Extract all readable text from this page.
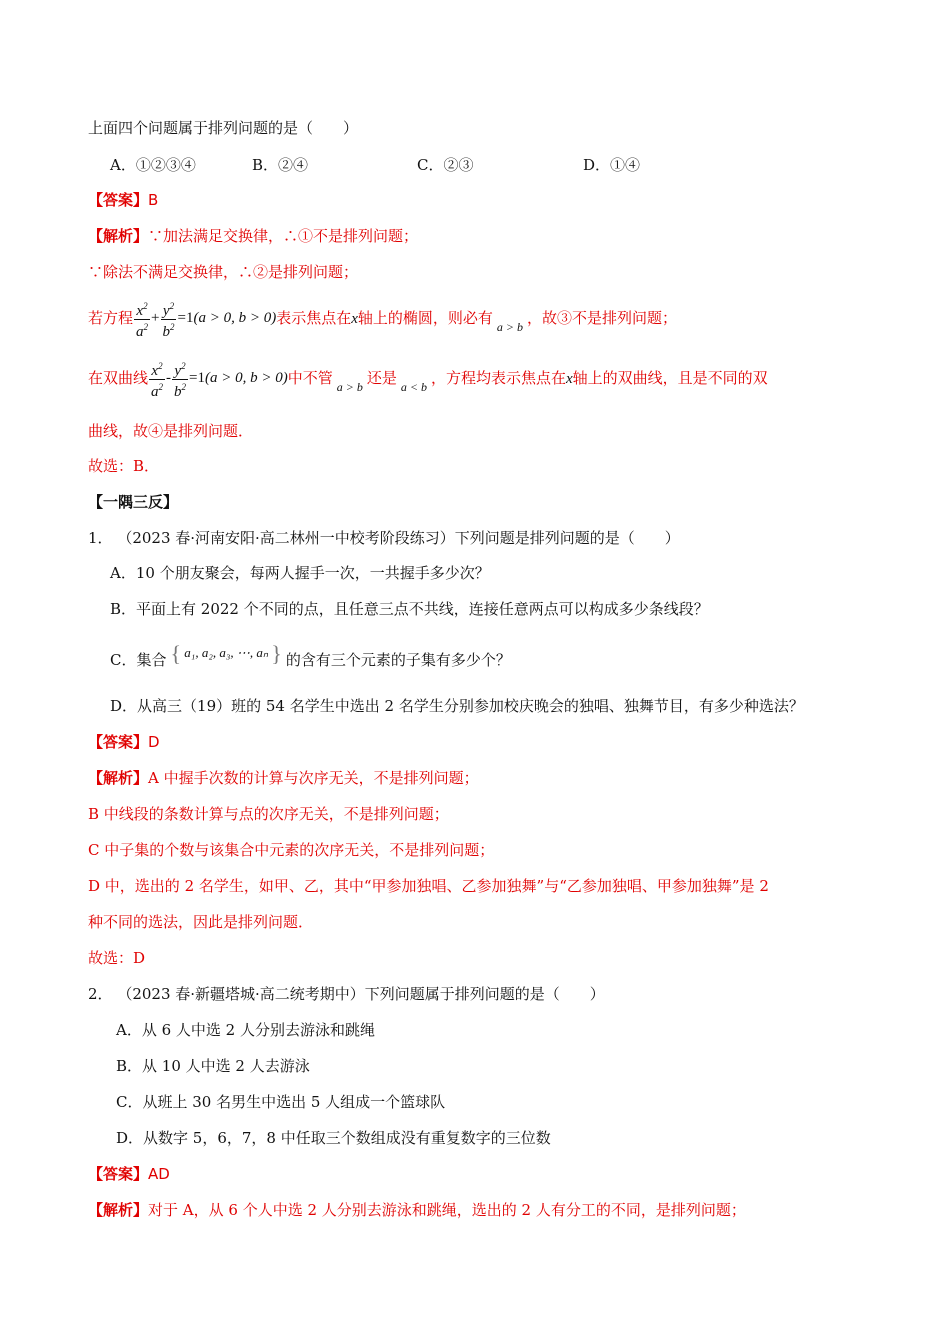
上面四个问题属于排列问题的是（　　）
A．①②③④	B．②④	C．②③	D．①④
【答案】B
【解析】∵加法满足交换律，∴①不是排列问题；
∵除法不满足交换律，∴②是排列问题；
若方程 $\frac{x^2}{a^2} + \frac{y^2}{b^2} =1(a > 0$, b > 0)表示焦点在x轴上的椭圆，则必有 $_{a > b}$ ，故③不是排列问题；
在双曲线 $\frac{x^2}{a^2} - \frac{y^2}{b^2} =1(a > 0$, b > 0)中不管 $_{a > b}$ 还是 $_{a < b}$ ，方程均表示焦点在x轴上的双曲线，且是不同的双
曲线，故④是排列问题．
故选：B．
【一隅三反】
1． （2023 春·河南安阳·高二林州一中校考阶段练习）下列问题是排列问题的是（　　）
A．10 个朋友聚会，每两人握手一次，一共握手多少次？
B．平面上有 2022 个不同的点，且任意三点不共线，连接任意两点可以构成多少条线段？
C．集合 { a₁, a₂, a₃, ⋯, aₙ } 的含有三个元素的子集有多少个？
D．从高三（19）班的 54 名学生中选出 2 名学生分别参加校庆晚会的独唱、独舞节目，有多少种选法？
【答案】D
【解析】A 中握手次数的计算与次序无关，不是排列问题；
B 中线段的条数计算与点的次序无关，不是排列问题；
C 中子集的个数与该集合中元素的次序无关，不是排列问题；
D 中，选出的 2 名学生，如甲、乙，其中“甲参加独唱、乙参加独舞”与“乙参加独唱、甲参加独舞”是 2
种不同的选法，因此是排列问题．
故选：D
2． （2023 春·新疆塔城·高二统考期中）下列问题属于排列问题的是（　　）
A．从 6 人中选 2 人分别去游泳和跳绳
B．从 10 人中选 2 人去游泳
C．从班上 30 名男生中选出 5 人组成一个篮球队
D．从数字 5，6，7，8 中任取三个数组成没有重复数字的三位数
【答案】AD
【解析】对于 A，从 6 个人中选 2 人分别去游泳和跳绳，选出的 2 人有分工的不同，是排列问题；
